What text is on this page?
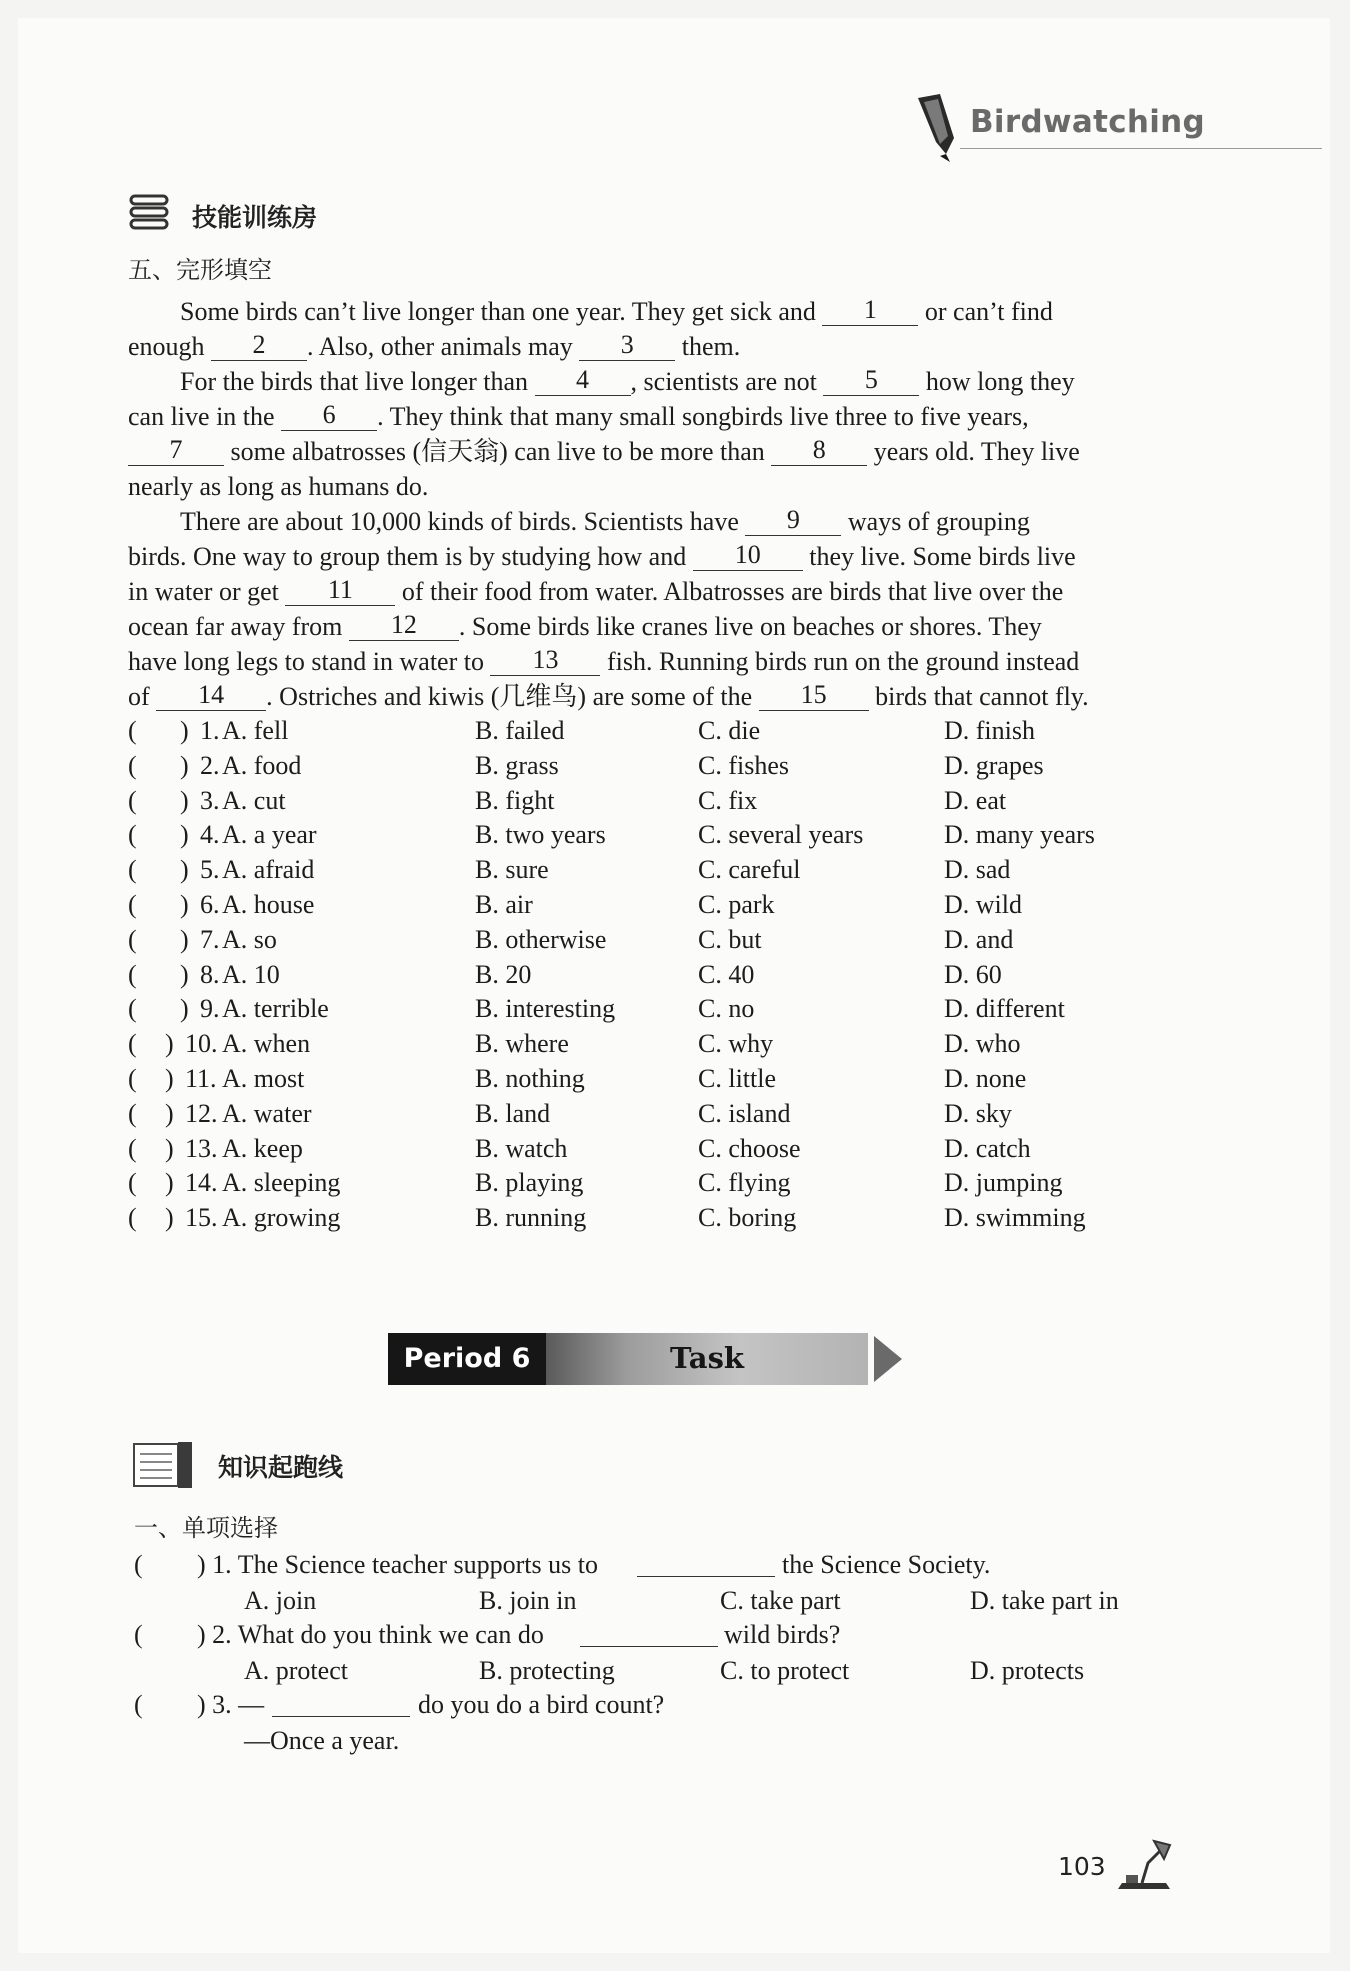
Birdwatching
技能训练房
五、完形填空

Some birds can’t live longer than one year. They get sick and 1 or can’t find

enough 2 . Also, other animals may 3 them.

For the birds that live longer than 4 , scientists are not 5 how long they

can live in the 6 . They think that many small songbirds live three to five years,

7 some albatrosses (信天翁) can live to be more than 8 years old. They live

nearly as long as humans do.

There are about 10,000 kinds of birds. Scientists have 9 ways of grouping

birds. One way to group them is by studying how and 10 they live. Some birds live

in water or get 11 of their food from water. Albatrosses are birds that live over the

ocean far away from 12 . Some birds like cranes live on beaches or shores. They

have long legs to stand in water to 13 fish. Running birds run on the ground instead

of 14 . Ostriches and kiwis (几维鸟) are some of the 15 birds that cannot fly.

( ) 1. A. fell	B. failed	C. die	D. finish
( ) 2. A. food	B. grass	C. fishes	D. grapes
( ) 3. A. cut	B. fight	C. fix	D. eat
( ) 4. A. a year	B. two years	C. several years	D. many years
( ) 5. A. afraid	B. sure	C. careful	D. sad
( ) 6. A. house	B. air	C. park	D. wild
( ) 7. A. so	B. otherwise	C. but	D. and
( ) 8. A. 10	B. 20	C. 40	D. 60
( ) 9. A. terrible	B. interesting	C. no	D. different
( ) 10. A. when	B. where	C. why	D. who
( ) 11. A. most	B. nothing	C. little	D. none
( ) 12. A. water	B. land	C. island	D. sky
( ) 13. A. keep	B. watch	C. choose	D. catch
( ) 14. A. sleeping	B. playing	C. flying	D. jumping
( ) 15. A. growing	B. running	C. boring	D. swimming
Period 6	Task
知识起跑线
一、单项选择
( ) 1. The Science teacher supports us to	the Science Society.
A. join	B. join in	C. take part	D. take part in
( ) 2. What do you think we can do	wild birds?
A. protect	B. protecting	C. to protect	D. protects
( ) 3. —	do you do a bird count?
—Once a year.
103
